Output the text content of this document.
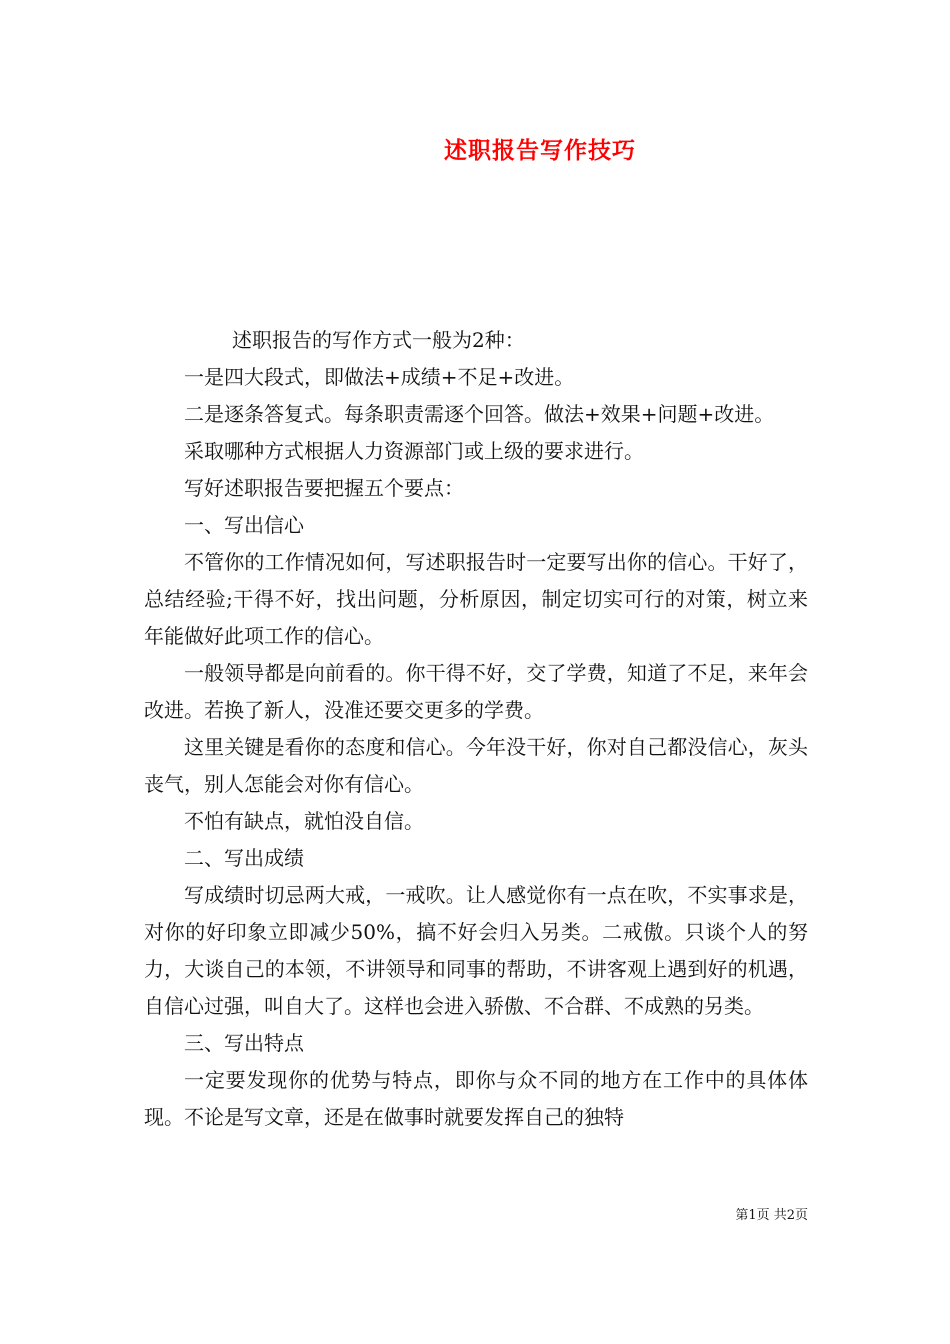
述职报告写作技巧

述职报告的写作方式一般为2种：

一是四大段式，即做法+成绩+不足+改进。

二是逐条答复式。每条职责需逐个回答。做法+效果+问题+改进。

采取哪种方式根据人力资源部门或上级的要求进行。

写好述职报告要把握五个要点：

一、写出信心

不管你的工作情况如何，写述职报告时一定要写出你的信心。干好了，总结经验;干得不好，找出问题，分析原因，制定切实可行的对策，树立来年能做好此项工作的信心。

一般领导都是向前看的。你干得不好，交了学费，知道了不足，来年会改进。若换了新人，没准还要交更多的学费。

这里关键是看你的态度和信心。今年没干好，你对自己都没信心，灰头丧气，别人怎能会对你有信心。

不怕有缺点，就怕没自信。

二、写出成绩

写成绩时切忌两大戒，一戒吹。让人感觉你有一点在吹，不实事求是，对你的好印象立即减少50%，搞不好会归入另类。二戒傲。只谈个人的努力，大谈自己的本领，不讲领导和同事的帮助，不讲客观上遇到好的机遇，自信心过强，叫自大了。这样也会进入骄傲、不合群、不成熟的另类。

三、写出特点

一定要发现你的优势与特点，即你与众不同的地方在工作中的具体体现。不论是写文章，还是在做事时就要发挥自己的独特

第1页 共2页
